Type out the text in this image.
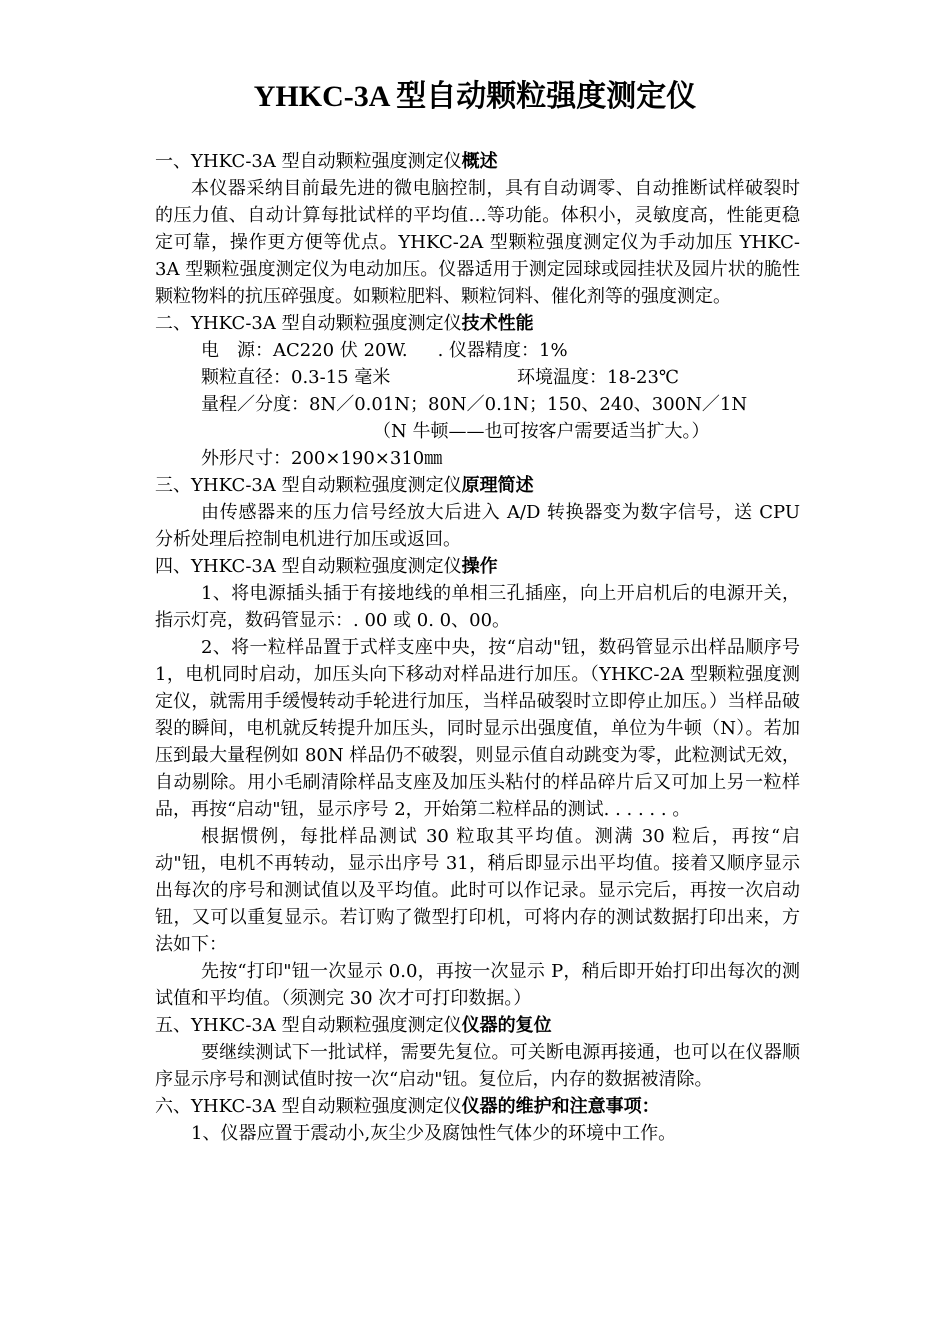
YHKC-3A 型自动颗粒强度测定仪

一、YHKC-3A 型自动颗粒强度测定仪概述

本仪器采纳目前最先进的微电脑控制，具有自动调零、自动推断试样破裂时的压力值、自动计算每批试样的平均值…等功能。体积小，灵敏度高，性能更稳定可靠，操作更方便等优点。YHKC-2A 型颗粒强度测定仪为手动加压 YHKC-3A 型颗粒强度测定仪为电动加压。仪器适用于测定园球或园挂状及园片状的脆性颗粒物料的抗压碎强度。如颗粒肥料、颗粒饲料、催化剂等的强度测定。

二、YHKC-3A 型自动颗粒强度测定仪技术性能

电　源：AC220 伏 20W. . 仪器精度：1%

颗粒直径：0.3-15 毫米	环境温度：18-23℃

量程／分度：8N／0.01N；80N／0.1N；150、240、300N／1N

（N 牛顿——也可按客户需要适当扩大。）

外形尺寸：200×190×310㎜

三、YHKC-3A 型自动颗粒强度测定仪原理简述

由传感器来的压力信号经放大后进入 A/D 转换器变为数字信号，送 CPU 分析处理后控制电机进行加压或返回。

四、YHKC-3A 型自动颗粒强度测定仪操作

1、将电源插头插于有接地线的单相三孔插座，向上开启机后的电源开关，指示灯亮，数码管显示：. 00 或 0. 0、00。

2、将一粒样品置于式样支座中央，按“启动"钮，数码管显示出样品顺序号 1，电机同时启动，加压头向下移动对样品进行加压。（YHKC-2A 型颗粒强度测定仪，就需用手缓慢转动手轮进行加压，当样品破裂时立即停止加压。）当样品破裂的瞬间，电机就反转提升加压头，同时显示出强度值，单位为牛顿（N）。若加压到最大量程例如 80N 样品仍不破裂，则显示值自动跳变为零，此粒测试无效，自动剔除。用小毛刷清除样品支座及加压头粘付的样品碎片后又可加上另一粒样品，再按“启动"钮，显示序号 2，开始第二粒样品的测试. . . . . . 。

根据惯例，每批样品测试 30 粒取其平均值。测满 30 粒后，再按“启动"钮，电机不再转动，显示出序号 31，稍后即显示出平均值。接着又顺序显示出每次的序号和测试值以及平均值。此时可以作记录。显示完后，再按一次启动钮，又可以重复显示。若订购了微型打印机，可将内存的测试数据打印出来，方法如下：

先按“打印"钮一次显示 0.0，再按一次显示 P，稍后即开始打印出每次的测试值和平均值。（须测完 30 次才可打印数据。）

五、YHKC-3A 型自动颗粒强度测定仪仪器的复位

要继续测试下一批试样，需要先复位。可关断电源再接通，也可以在仪器顺序显示序号和测试值时按一次“启动"钮。复位后，内存的数据被清除。

六、YHKC-3A 型自动颗粒强度测定仪仪器的维护和注意事项：

1、仪器应置于震动小,灰尘少及腐蚀性气体少的环境中工作。
